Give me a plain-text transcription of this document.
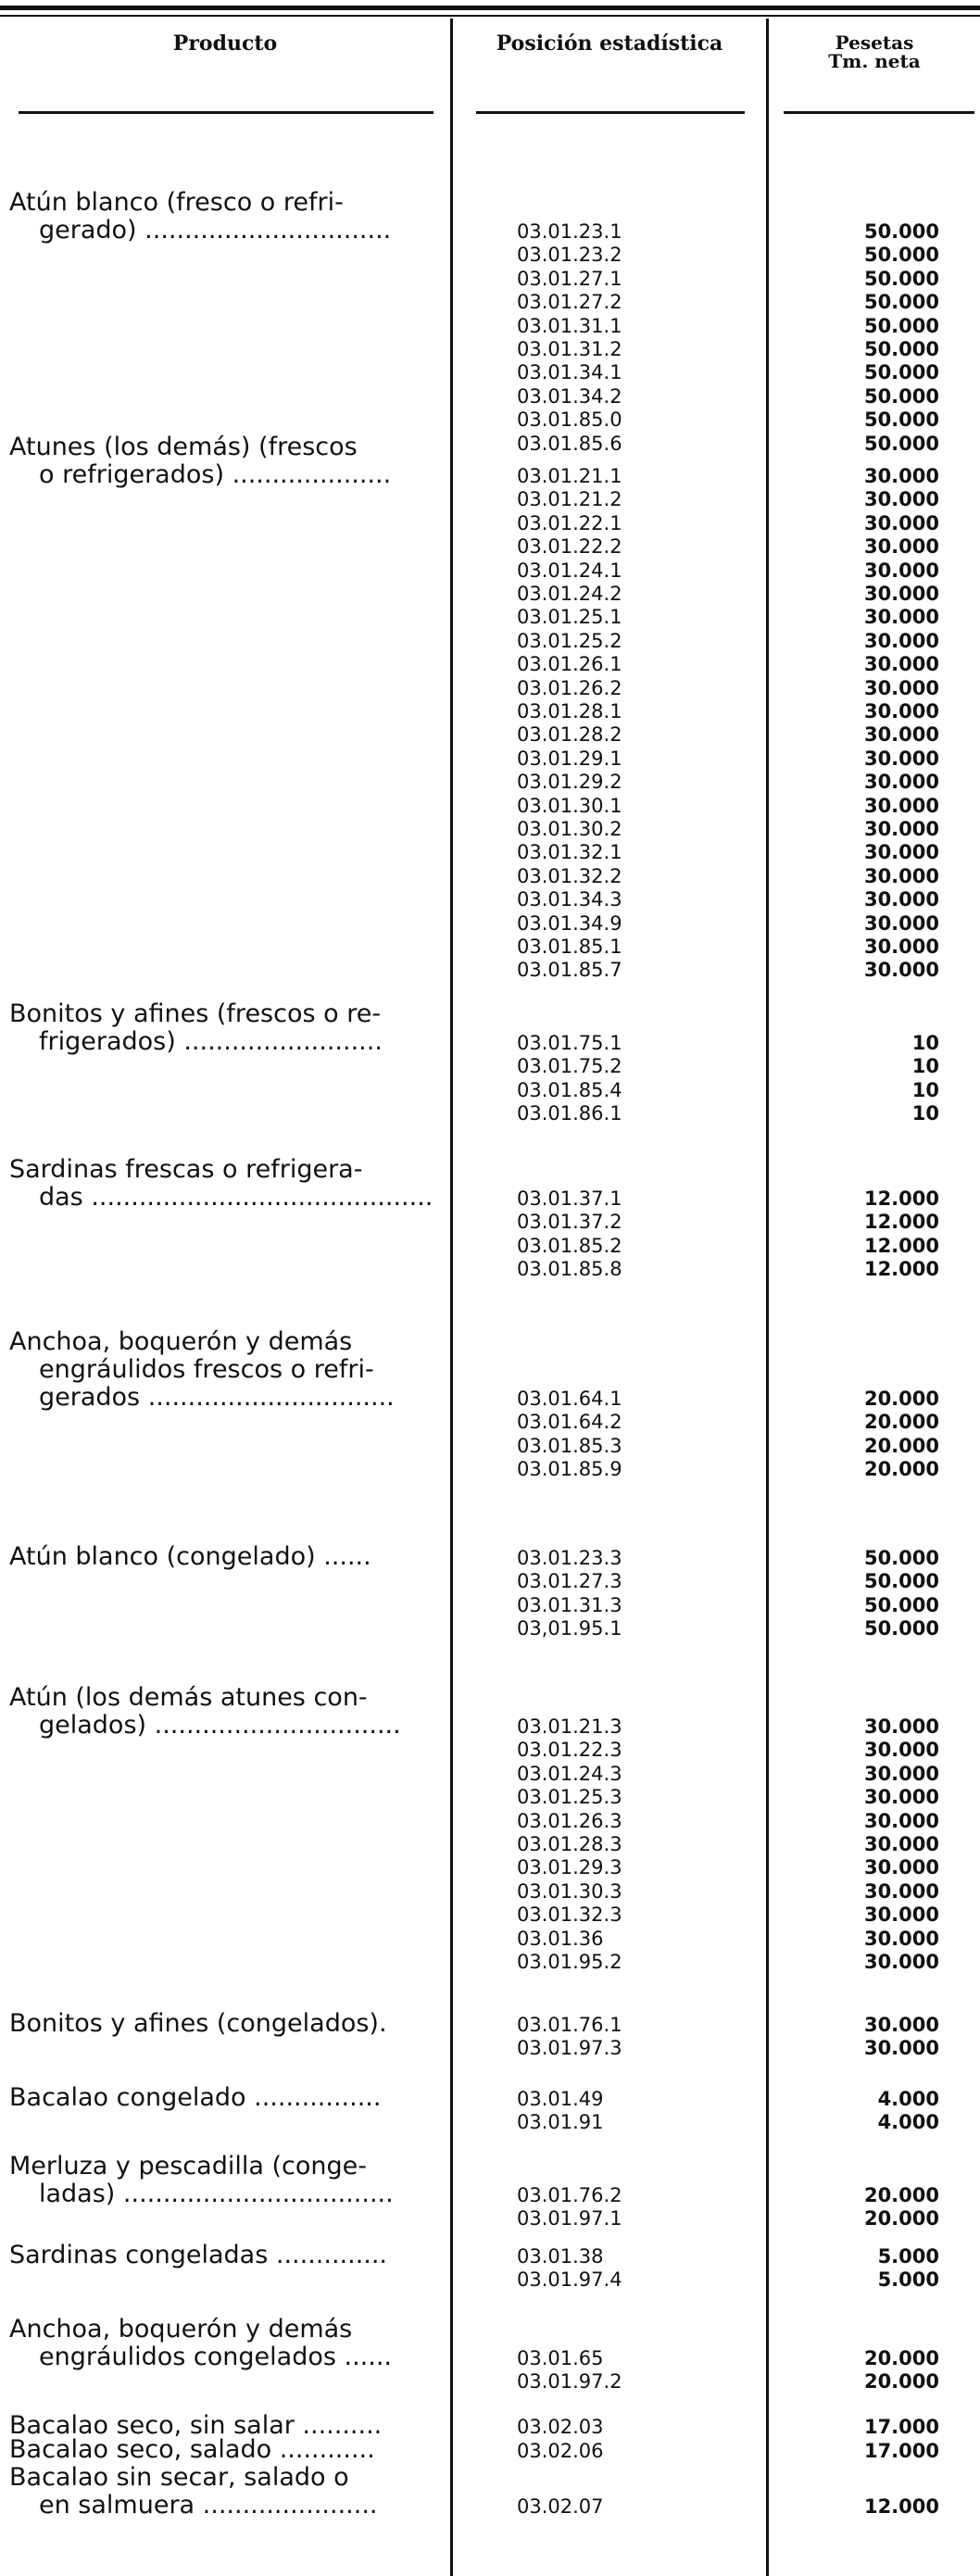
Producto	Posición estadística	Pesetas
Tm. neta
Atún blanco (fresco o refri-
gerado) ...............................	03.01.23.1	50.000
03.01.23.2	50.000
03.01.27.1	50.000
03.01.27.2	50.000
03.01.31.1	50.000
03.01.31.2	50.000
03.01.34.1	50.000
03.01.34.2	50.000
03.01.85.0	50.000
03.01.85.6	50.000
Atunes (los demás) (frescos
o refrigerados) ....................	03.01.21.1	30.000
03.01.21.2	30.000
03.01.22.1	30.000
03.01.22.2	30.000
03.01.24.1	30.000
03.01.24.2	30.000
03.01.25.1	30.000
03.01.25.2	30.000
03.01.26.1	30.000
03.01.26.2	30.000
03.01.28.1	30.000
03.01.28.2	30.000
03.01.29.1	30.000
03.01.29.2	30.000
03.01.30.1	30.000
03.01.30.2	30.000
03.01.32.1	30.000
03.01.32.2	30.000
03.01.34.3	30.000
03.01.34.9	30.000
03.01.85.1	30.000
03.01.85.7	30.000
Bonitos y afines (frescos o re-
frigerados) .........................	03.01.75.1	10
03.01.75.2	10
03.01.85.4	10
03.01.86.1	10
Sardinas frescas o refrigera-
das ...........................................	03.01.37.1	12.000
03.01.37.2	12.000
03.01.85.2	12.000
03.01.85.8	12.000
Anchoa, boquerón y demás
engráulidos frescos o refri-
gerados ...............................	03.01.64.1	20.000
03.01.64.2	20.000
03.01.85.3	20.000
03.01.85.9	20.000
Atún blanco (congelado) ......	03.01.23.3	50.000
03.01.27.3	50.000
03.01.31.3	50.000
03,01.95.1	50.000
Atún (los demás atunes con-
gelados) ...............................	03.01.21.3	30.000
03.01.22.3	30.000
03.01.24.3	30.000
03.01.25.3	30.000
03.01.26.3	30.000
03.01.28.3	30.000
03.01.29.3	30.000
03.01.30.3	30.000
03.01.32.3	30.000
03.01.36	30.000
03.01.95.2	30.000
Bonitos y afines (congelados).	03.01.76.1	30.000
03.01.97.3	30.000
Bacalao congelado ................	03.01.49	4.000
03.01.91	4.000
Merluza y pescadilla (conge-
ladas) ..................................	03.01.76.2	20.000
03.01.97.1	20.000
Sardinas congeladas ..............	03.01.38	5.000
03.01.97.4	5.000
Anchoa, boquerón y demás
engráulidos congelados ......	03.01.65	20.000
03.01.97.2	20.000
Bacalao seco, sin salar ..........	03.02.03	17.000
Bacalao seco, salado ............	03.02.06	17.000
Bacalao sin secar, salado o
en salmuera ......................	03.02.07	12.000
